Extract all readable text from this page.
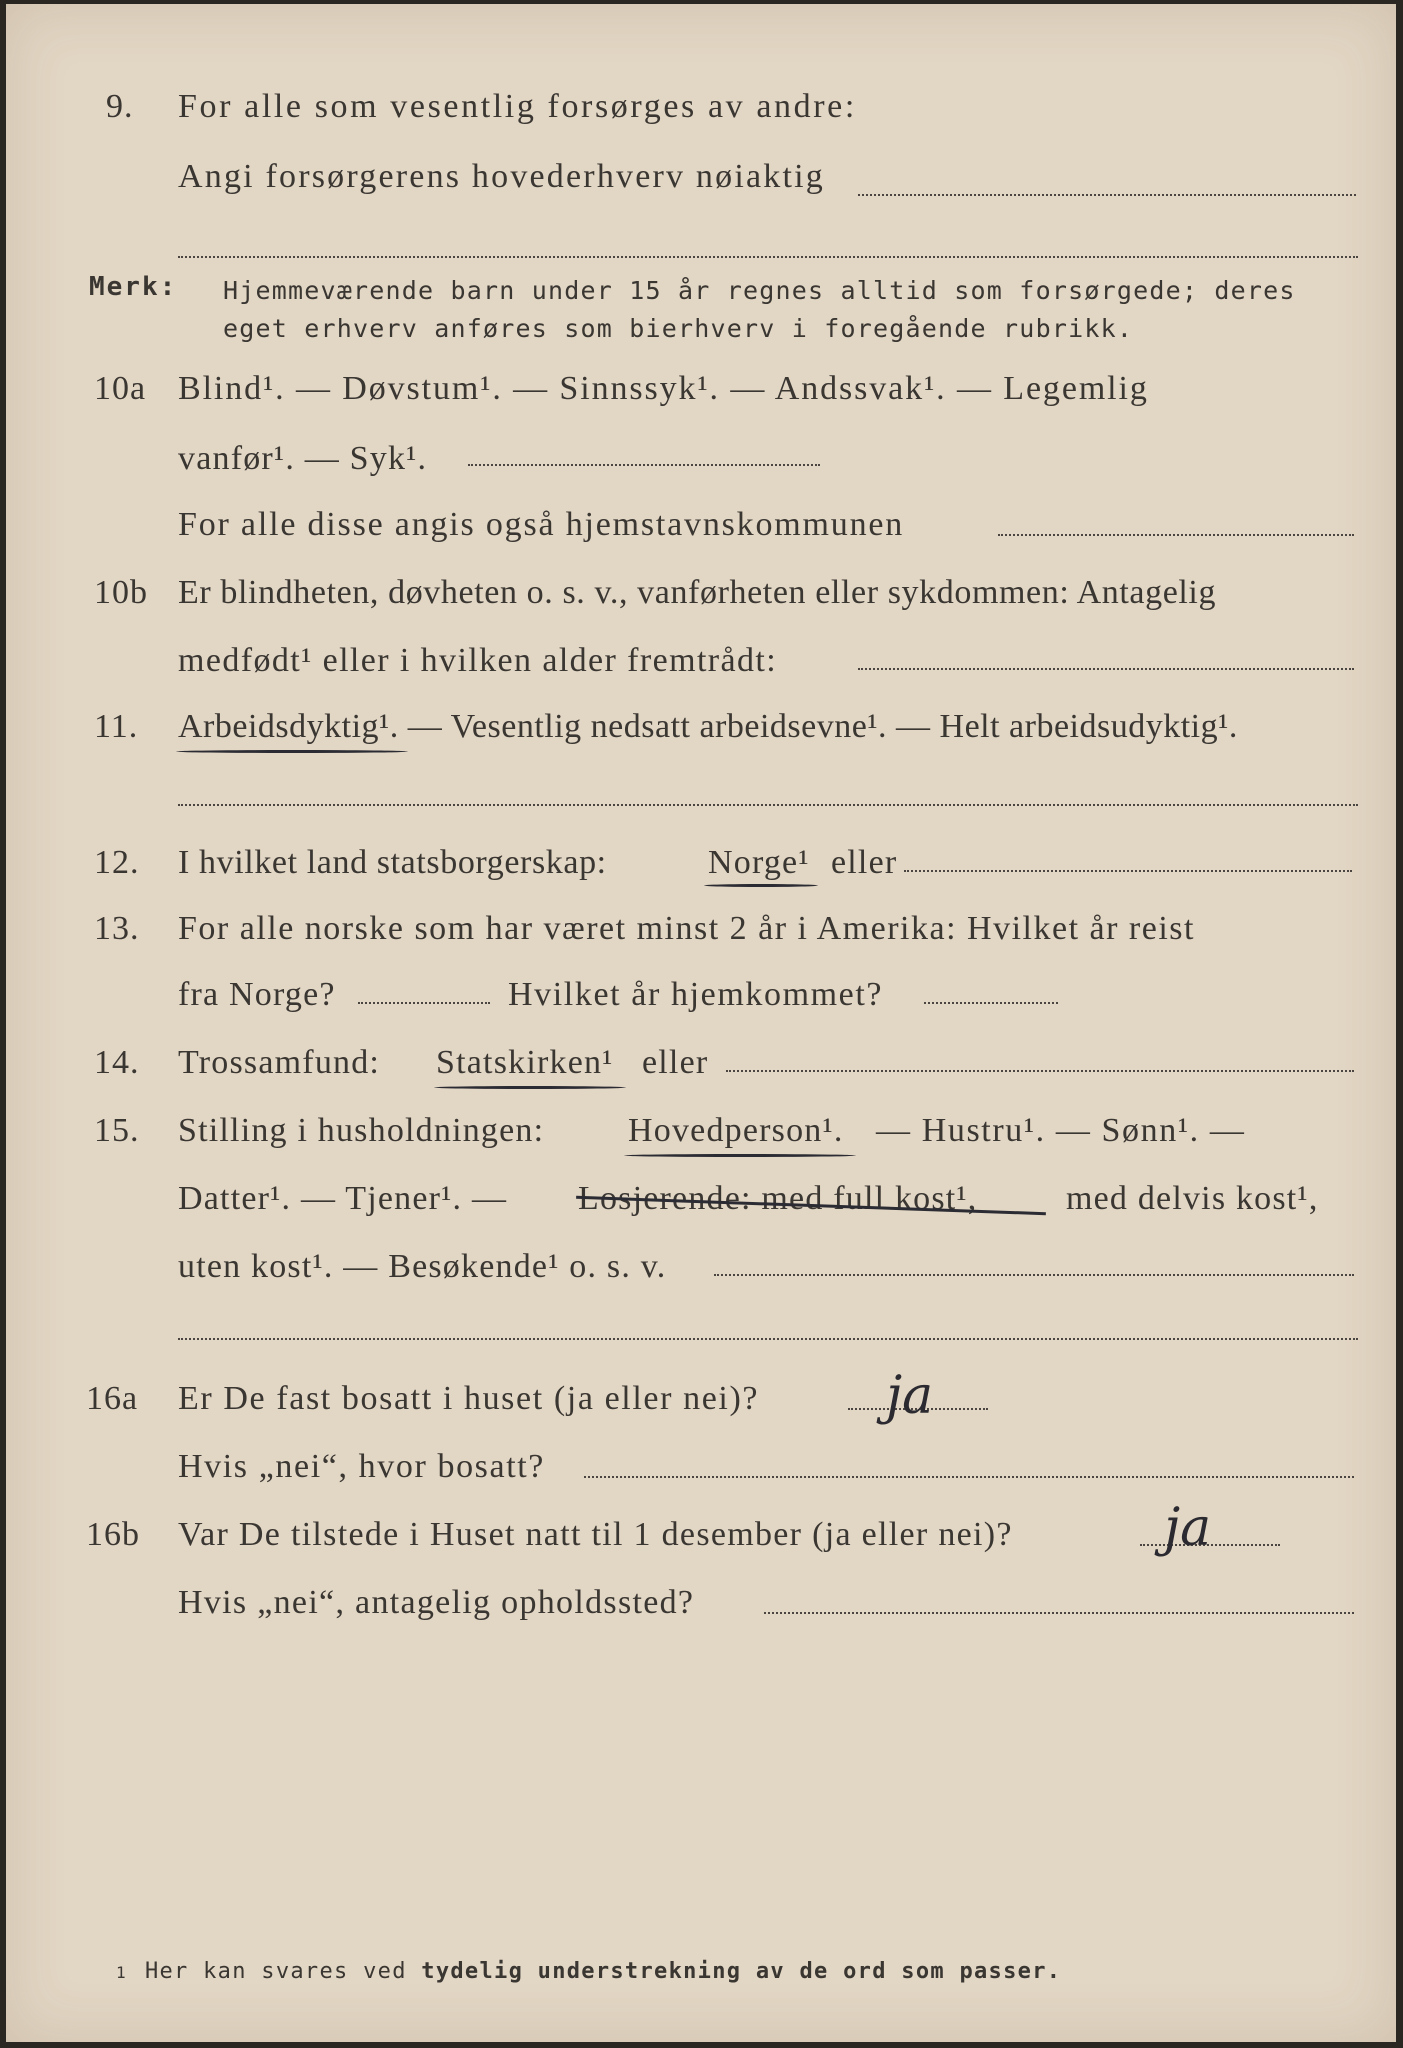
9. For alle som vesentlig forsørges av andre:
Angi forsørgerens hovederhverv nøiaktig
Merk: Hjemmeværende barn under 15 år regnes alltid som forsørgede; deres eget erhverv anføres som bierhverv i foregående rubrikk.
10a Blind¹. — Døvstum¹. — Sinnssyk¹. — Andssvak¹. — Legemlig
vanfør¹. — Syk¹.
For alle disse angis også hjemstavnskommunen
10b Er blindheten, døvheten o. s. v., vanførheten eller sykdommen: Antagelig
medfødt¹ eller i hvilken alder fremtrådt:
11. Arbeidsdyktig¹. — Vesentlig nedsatt arbeidsevne¹. — Helt arbeidsudyktig¹.
12. I hvilket land statsborgerskap:	Norge¹ eller
13. For alle norske som har været minst 2 år i Amerika: Hvilket år reist
fra Norge?	Hvilket år hjemkommet?
14. Trossamfund: Statskirken¹ eller
15. Stilling i husholdningen: Hovedperson¹. — Hustru¹. — Sønn¹. —
Datter¹. — Tjener¹. — Losjerende: med full kost¹,	med delvis kost¹,
uten kost¹. — Besøkende¹ o. s. v.
16a Er De fast bosatt i huset (ja eller nei)? ja
Hvis „nei“, hvor bosatt?
16b Var De tilstede i Huset natt til 1 desember (ja eller nei)?	ja
Hvis „nei“, antagelig opholdssted?
1 Her kan svares ved tydelig understrekning av de ord som passer.
